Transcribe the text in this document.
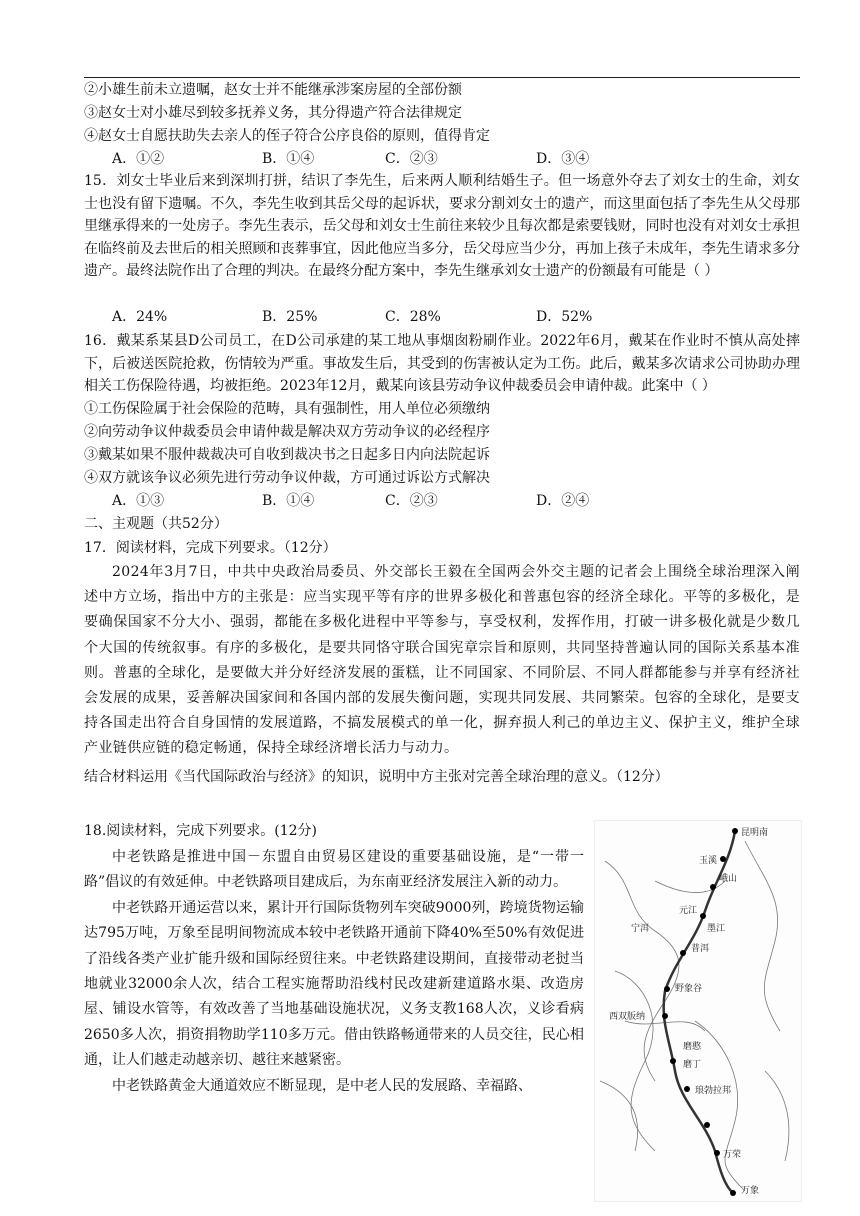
②小雄生前未立遗嘱，赵女士并不能继承涉案房屋的全部份额
③赵女士对小雄尽到较多抚养义务，其分得遗产符合法律规定
④赵女士自愿扶助失去亲人的侄子符合公序良俗的原则，值得肯定
A．①②	B．①④	C．②③	D．③④
15．刘女士毕业后来到深圳打拼，结识了李先生，后来两人顺利结婚生子。但一场意外夺去了刘女士的生命，刘女士也没有留下遗嘱。不久，李先生收到其岳父母的起诉状，要求分割刘女士的遗产，而这里面包括了李先生从父母那里继承得来的一处房子。李先生表示，岳父母和刘女士生前往来较少且每次都是索要钱财，同时也没有对刘女士承担在临终前及去世后的相关照顾和丧葬事宜，因此他应当多分，岳父母应当少分，再加上孩子未成年，李先生请求多分遗产。最终法院作出了合理的判决。在最终分配方案中，李先生继承刘女士遗产的份额最有可能是（ ）
A．24%	B．25%	C．28%	D．52%
16．戴某系某县D公司员工，在D公司承建的某工地从事烟囱粉刷作业。2022年6月，戴某在作业时不慎从高处摔下，后被送医院抢救，伤情较为严重。事故发生后，其受到的伤害被认定为工伤。此后，戴某多次请求公司协助办理相关工伤保险待遇，均被拒绝。2023年12月，戴某向该县劳动争议仲裁委员会申请仲裁。此案中（ ）
①工伤保险属于社会保险的范畴，具有强制性，用人单位必须缴纳
②向劳动争议仲裁委员会申请仲裁是解决双方劳动争议的必经程序
③戴某如果不服仲裁裁决可自收到裁决书之日起多日内向法院起诉
④双方就该争议必须先进行劳动争议仲裁，方可通过诉讼方式解决
A．①③	B．①④	C．②③	D．②④
二、主观题（共52分）
17．阅读材料，完成下列要求。（12分）

2024年3月7日，中共中央政治局委员、外交部长王毅在全国两会外交主题的记者会上围绕全球治理深入阐述中方立场，指出中方的主张是：应当实现平等有序的世界多极化和普惠包容的经济全球化。平等的多极化，是要确保国家不分大小、强弱，都能在多极化进程中平等参与，享受权利，发挥作用，打破一讲多极化就是少数几个大国的传统叙事。有序的多极化，是要共同恪守联合国宪章宗旨和原则，共同坚持普遍认同的国际关系基本准则。普惠的全球化，是要做大并分好经济发展的蛋糕，让不同国家、不同阶层、不同人群都能参与并享有经济社会发展的成果，妥善解决国家间和各国内部的发展失衡问题，实现共同发展、共同繁荣。包容的全球化，是要支持各国走出符合自身国情的发展道路，不搞发展模式的单一化，摒弃损人利己的单边主义、保护主义，维护全球产业链供应链的稳定畅通，保持全球经济增长活力与动力。

结合材料运用《当代国际政治与经济》的知识，说明中方主张对完善全球治理的意义。（12分）
18.阅读材料，完成下列要求。(12分)

中老铁路是推进中国－东盟自由贸易区建设的重要基础设施，是“一带一路”倡议的有效延伸。中老铁路项目建成后，为东南亚经济发展注入新的动力。

中老铁路开通运营以来，累计开行国际货物列车突破9000列，跨境货物运输达795万吨，万象至昆明间物流成本较中老铁路开通前下降40%至50%有效促进了沿线各类产业扩能升级和国际经贸往来。中老铁路建设期间，直接带动老挝当地就业32000余人次，结合工程实施帮助沿线村民改建新建道路水渠、改造房屋、铺设水管等，有效改善了当地基础设施状况，义务支教168人次，义诊看病2650多人次，捐资捐物助学110多万元。借由铁路畅通带来的人员交往，民心相通，让人们越走动越亲切、越往来越紧密。

中老铁路黄金大通道效应不断显现，是中老人民的发展路、幸福路、

昆明南
玉溪
峨山
元江
普洱
宁洱	墨江
野象谷
西双版纳
磨憨
磨丁
琅勃拉邦
万荣
万象
